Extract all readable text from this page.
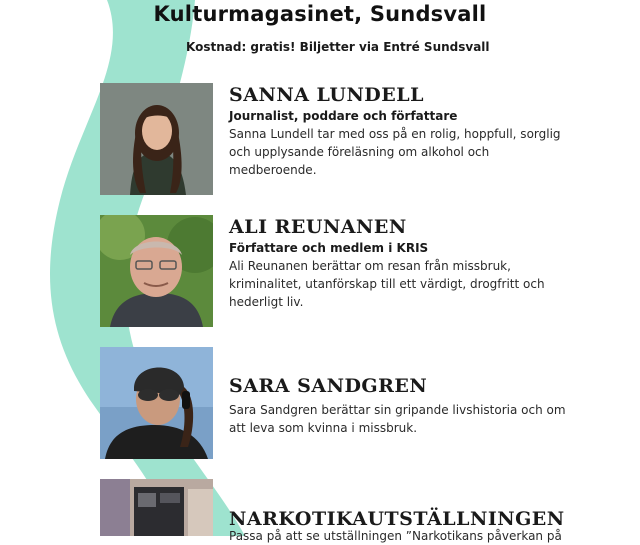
Kulturmagasinet, Sundsvall
Kostnad: gratis! Biljetter via Entré Sundsvall
SANNA LUNDELL
Journalist, poddare och författare
Sanna Lundell tar med oss på en rolig, hoppfull, sorglig och upplysande föreläsning om alkohol och medberoende.
ALI REUNANEN
Författare och medlem i KRIS
Ali Reunanen berättar om resan från missbruk, kriminalitet, utanförskap till ett värdigt, drogfritt och hederligt liv.
SARA SANDGREN
Sara Sandgren berättar sin gripande livshistoria och om att leva som kvinna i missbruk.
NARKOTIKAUTSTÄLLNINGEN
Passa på att se utställningen ”Narkotikans påverkan på
